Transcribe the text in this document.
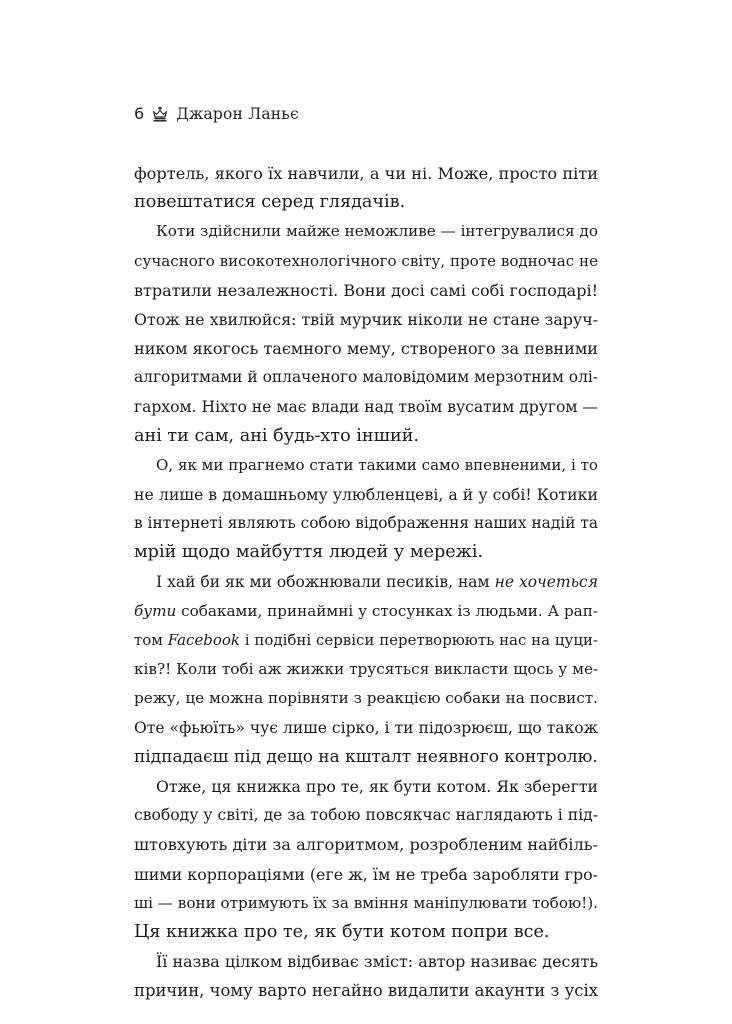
6 Джарон Ланьє
фортель, якого їх навчили, а чи ні. Може, просто піти
повештатися серед глядачів.
Коти здійснили майже неможливе — інтегрувалися до
сучасного високотехнологічного світу, проте водночас не
втратили незалежності. Вони досі самі собі господарі!
Отож не хвилюйся: твій мурчик ніколи не стане заруч-
ником якогось таємного мему, створеного за певними
алгоритмами й оплаченого маловідомим мерзотним олі-
гархом. Ніхто не має влади над твоїм вусатим другом —
ані ти сам, ані будь-хто інший.
О, як ми прагнемо стати такими само впевненими, і то
не лише в домашньому улюбленцеві, а й у собі! Котики
в інтернеті являють собою відображення наших надій та
мрій щодо майбуття людей у мережі.
І хай би як ми обожнювали песиків, нам не хочеться
бути собаками, принаймні у стосунках із людьми. А рап-
том Facebook і подібні сервіси перетворюють нас на цуци-
ків?! Коли тобі аж жижки трусяться викласти щось у ме-
режу, це можна порівняти з реакцією собаки на посвист.
Оте «фьюїть» чує лише сірко, і ти підозрюєш, що також
підпадаєш під дещо на кшталт неявного контролю.
Отже, ця книжка про те, як бути котом. Як зберегти
свободу у світі, де за тобою повсякчас наглядають і під-
штовхують діти за алгоритмом, розробленим найбіль-
шими корпораціями (еге ж, їм не треба заробляти гро-
ші — вони отримують їх за вміння маніпулювати тобою!).
Ця книжка про те, як бути котом попри все.
Її назва цілком відбиває зміст: автор називає десять
причин, чому варто негайно видалити акаунти з усіх
